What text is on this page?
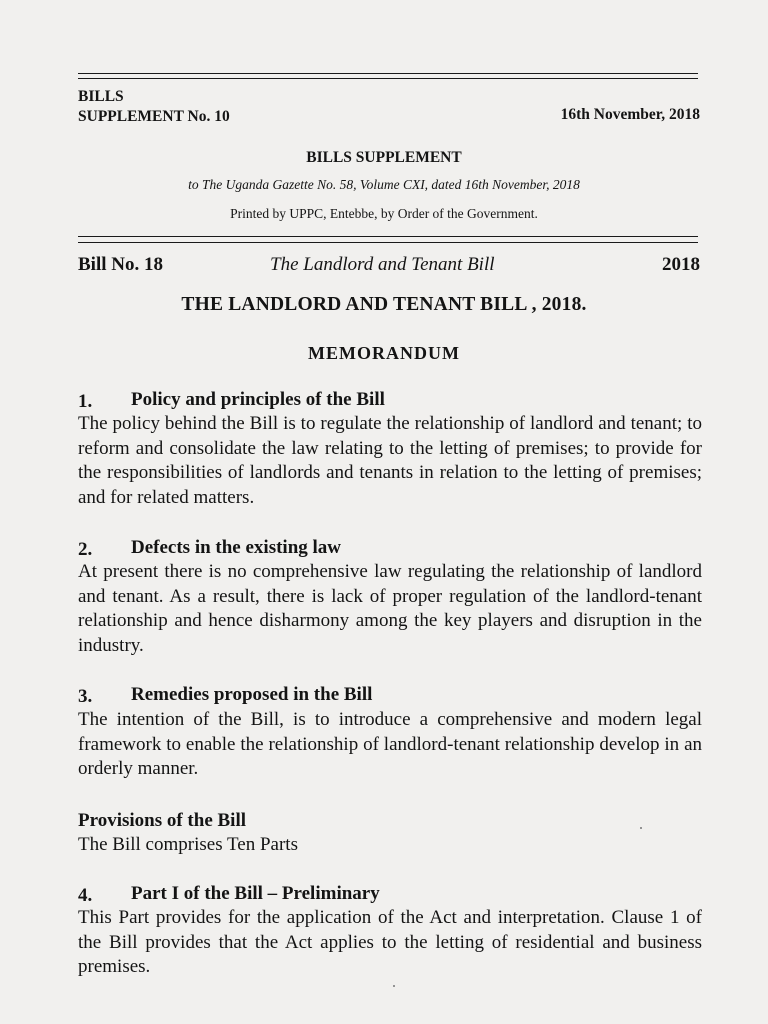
BILLS
SUPPLEMENT No. 10	16th November, 2018
BILLS SUPPLEMENT
to The Uganda Gazette No. 58, Volume CXI, dated 16th November, 2018
Printed by UPPC, Entebbe, by Order of the Government.
Bill No. 18	The Landlord and Tenant Bill	2018
THE LANDLORD AND TENANT BILL , 2018.
MEMORANDUM
1. Policy and principles of the Bill
The policy behind the Bill is to regulate the relationship of landlord and tenant; to reform and consolidate the law relating to the letting of premises; to provide for the responsibilities of landlords and tenants in relation to the letting of premises; and for related matters.
2. Defects in the existing law
At present there is no comprehensive law regulating the relationship of landlord and tenant. As a result, there is lack of proper regulation of the landlord-tenant relationship and hence disharmony among the key players and disruption in the industry.
3. Remedies proposed in the Bill
The intention of the Bill, is to introduce a comprehensive and modern legal framework to enable the relationship of landlord-tenant relationship develop in an orderly manner.
Provisions of the Bill
The Bill comprises Ten Parts
4. Part I of the Bill – Preliminary
This Part provides for the application of the Act and interpretation. Clause 1 of the Bill provides that the Act applies to the letting of residential and business premises.
